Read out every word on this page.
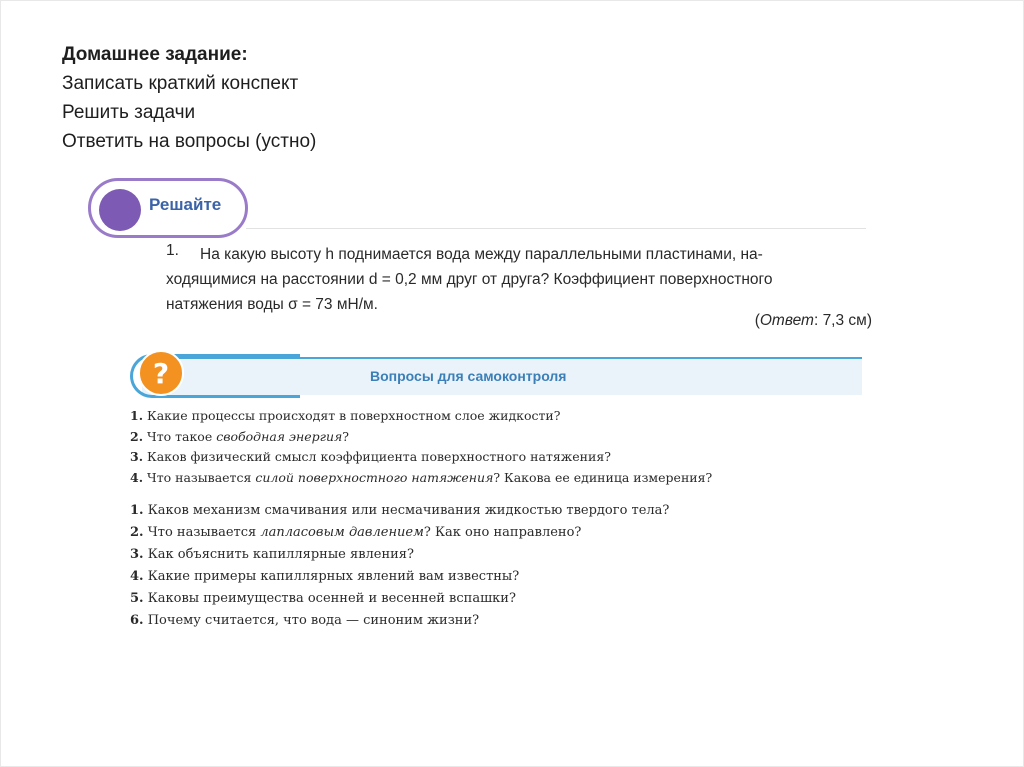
Домашнее задание:
Записать краткий конспект
Решить задачи
Ответить на вопросы (устно)
Решайте
1. На какую высоту h поднимается вода между параллельными пластинами, на-
ходящимися на расстоянии d = 0,2 мм друг от друга? Коэффициент поверхностного
натяжения воды σ = 73 мН/м.
(Ответ: 7,3 см)
?	Вопросы для самоконтроля
1. Какие процессы происходят в поверхностном слое жидкости?
2. Что такое свободная энергия?
3. Каков физический смысл коэффициента поверхностного натяжения?
4. Что называется силой поверхностного натяжения? Какова ее единица измерения?
1. Каков механизм смачивания или несмачивания жидкостью твердого тела?
2. Что называется лапласовым давлением? Как оно направлено?
3. Как объяснить капиллярные явления?
4. Какие примеры капиллярных явлений вам известны?
5. Каковы преимущества осенней и весенней вспашки?
6. Почему считается, что вода — синоним жизни?
